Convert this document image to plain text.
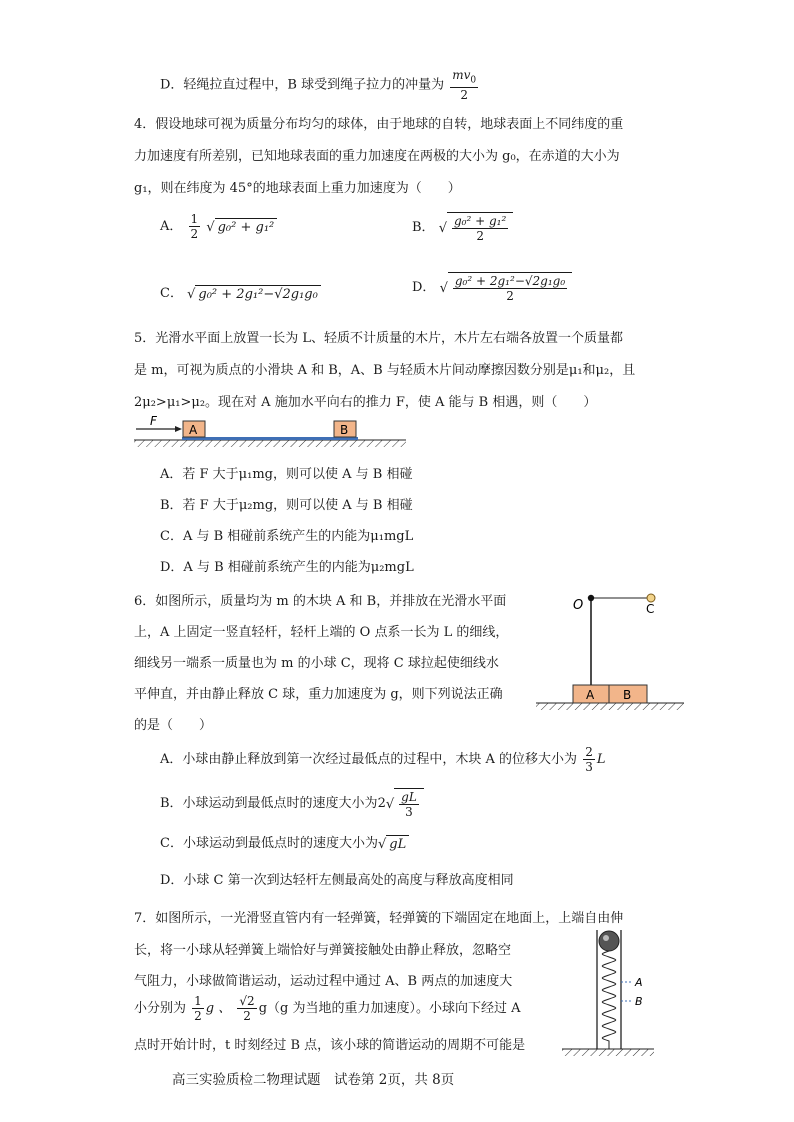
D．轻绳拉直过程中，B 球受到绳子拉力的冲量为 $\frac{mv_0}{2}$
4．假设地球可视为质量分布均匀的球体，由于地球的自转，地球表面上不同纬度的重
力加速度有所差别，已知地球表面的重力加速度在两极的大小为 g₀，在赤道的大小为
g₁，则在纬度为 45°的地球表面上重力加速度为（　　）
A． $\frac{1}{2}$ √ g₀² + g₁²	B． √ $\frac{\text{g₀² + g₁²}}{2}$
C． √ g₀² + 2g₁²−√2g₁g₀	D． √ $\frac{\text{g₀² + 2g₁²−√2g₁g₀}}{2}$
5．光滑水平面上放置一长为 L、轻质不计质量的木片，木片左右端各放置一个质量都
是 m，可视为质点的小滑块 A 和 B，A、B 与轻质木片间动摩擦因数分别是μ₁和μ₂，且
2μ₂>μ₁>μ₂。现在对 A 施加水平向右的推力 F，使 A 能与 B 相遇，则（　　）
A	B
F
A．若 F 大于μ₁mg，则可以使 A 与 B 相碰
B．若 F 大于μ₂mg，则可以使 A 与 B 相碰
C．A 与 B 相碰前系统产生的内能为μ₁mgL
D．A 与 B 相碰前系统产生的内能为μ₂mgL
6．如图所示，质量均为 m 的木块 A 和 B，并排放在光滑水平面
上，A 上固定一竖直轻杆，轻杆上端的 O 点系一长为 L 的细线，
细线另一端系一质量也为 m 的小球 C，现将 C 球拉起使细线水
平伸直，并由静止释放 C 球，重力加速度为 g，则下列说法正确
的是（　　）
A B
O	C
A．小球由静止释放到第一次经过最低点的过程中，木块 A 的位移大小为 $\frac{2}{3}$ L
B．小球运动到最低点时的速度大小为$2√ \frac{gL}{3}$
C．小球运动到最低点时的速度大小为√ gL
D．小球 C 第一次到达轻杆左侧最高处的高度与释放高度相同
7．如图所示，一光滑竖直管内有一轻弹簧，轻弹簧的下端固定在地面上，上端自由伸
长，将一小球从轻弹簧上端恰好与弹簧接触处由静止释放，忽略空
气阻力，小球做简谐运动，运动过程中通过 A、B 两点的加速度大
小分别为 $\frac{1}{2}$ g 、 $\frac{√2}{2} g(g$ 为当地的重力加速度）。小球向下经过 A
点时开始计时，t 时刻经过 B 点，该小球的简谐运动的周期不可能是
A
B
高三实验质检二物理试题　试卷第 2页，共 8页
